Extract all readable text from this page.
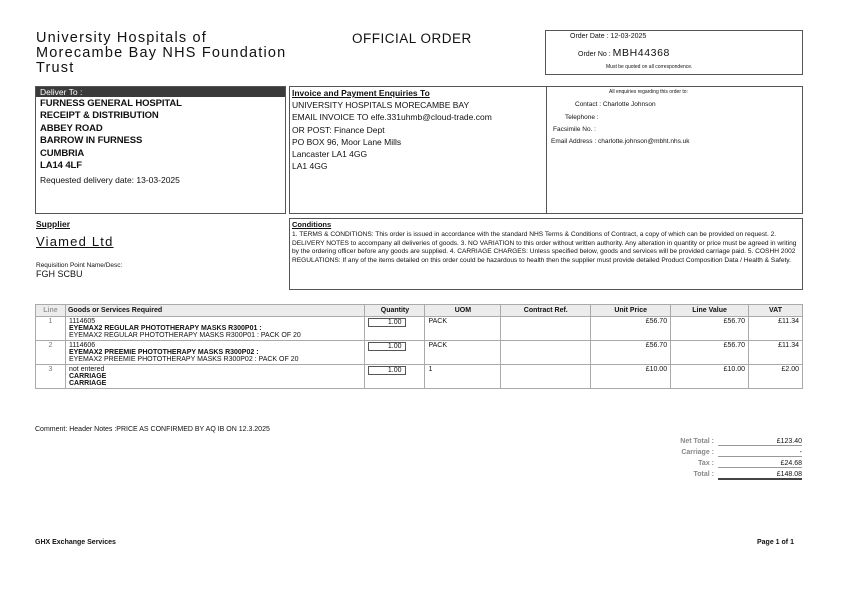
University Hospitals of
Morecambe Bay NHS Foundation
Trust
OFFICIAL ORDER	Order Date : 12-03-2025
Order No : MBH44368
Must be quoted on all correspondence.
Deliver To :
FURNESS GENERAL HOSPITAL
RECEIPT & DISTRIBUTION
ABBEY ROAD
BARROW IN FURNESS
CUMBRIA
LA14 4LF
Requested delivery date: 13-03-2025
Invoice and Payment Enquiries To
UNIVERSITY HOSPITALS MORECAMBE BAY
EMAIL INVOICE TO elfe.331uhmb@cloud-trade.com
OR POST: Finance Dept
PO BOX 96, Moor Lane Mills
Lancaster LA1 4GG
LA1 4GG
All enquiries regarding this order to:
Contact : Charlotte Johnson
Telephone :
Facsimile No. :
Email Address : charlotte.johnson@mbht.nhs.uk
Supplier
Viamed Ltd
Requisition Point Name/Desc:
FGH SCBU
Conditions
1. TERMS & CONDITIONS: This order is issued in accordance with the standard NHS Terms & Conditions of Contract, a copy of which can be provided on request. 2. DELIVERY NOTES to accompany all deliveries of goods. 3. NO VARIATION to this order without written authority. Any alteration in quantity or price must be agreed in writing by the ordering officer before any goods are supplied. 4. CARRIAGE CHARGES: Unless specified below, goods and services will be provided carriage paid. 5. COSHH 2002 REGULATIONS: If any of the items detailed on this order could be hazardous to health then the supplier must provide detailed Product Composition Data / Health & Safety.
Line	Goods or Services Required	Quantity	UOM	Contract Ref.	Unit Price	Line Value	VAT
1	1114605
EYEMAX2 REGULAR PHOTOTHERAPY MASKS R300P01 :
EYEMAX2 REGULAR PHOTOTHERAPY MASKS R300P01 : PACK OF 20	1.00	PACK		£56.70	£56.70	£11.34
2	1114606
EYEMAX2 PREEMIE PHOTOTHERAPY MASKS R300P02 :
EYEMAX2 PREEMIE PHOTOTHERAPY MASKS R300P02 : PACK OF 20	1.00	PACK		£56.70	£56.70	£11.34
3	not entered
CARRIAGE
CARRIAGE	1.00	1		£10.00	£10.00	£2.00
Comment: Header Notes :PRICE AS CONFIRMED BY AQ IB ON 12.3.2025
Net Total :	£123.40
Carriage :	-
Tax :	£24.68
Total :	£148.08
GHX Exchange Services	Page 1 of 1
